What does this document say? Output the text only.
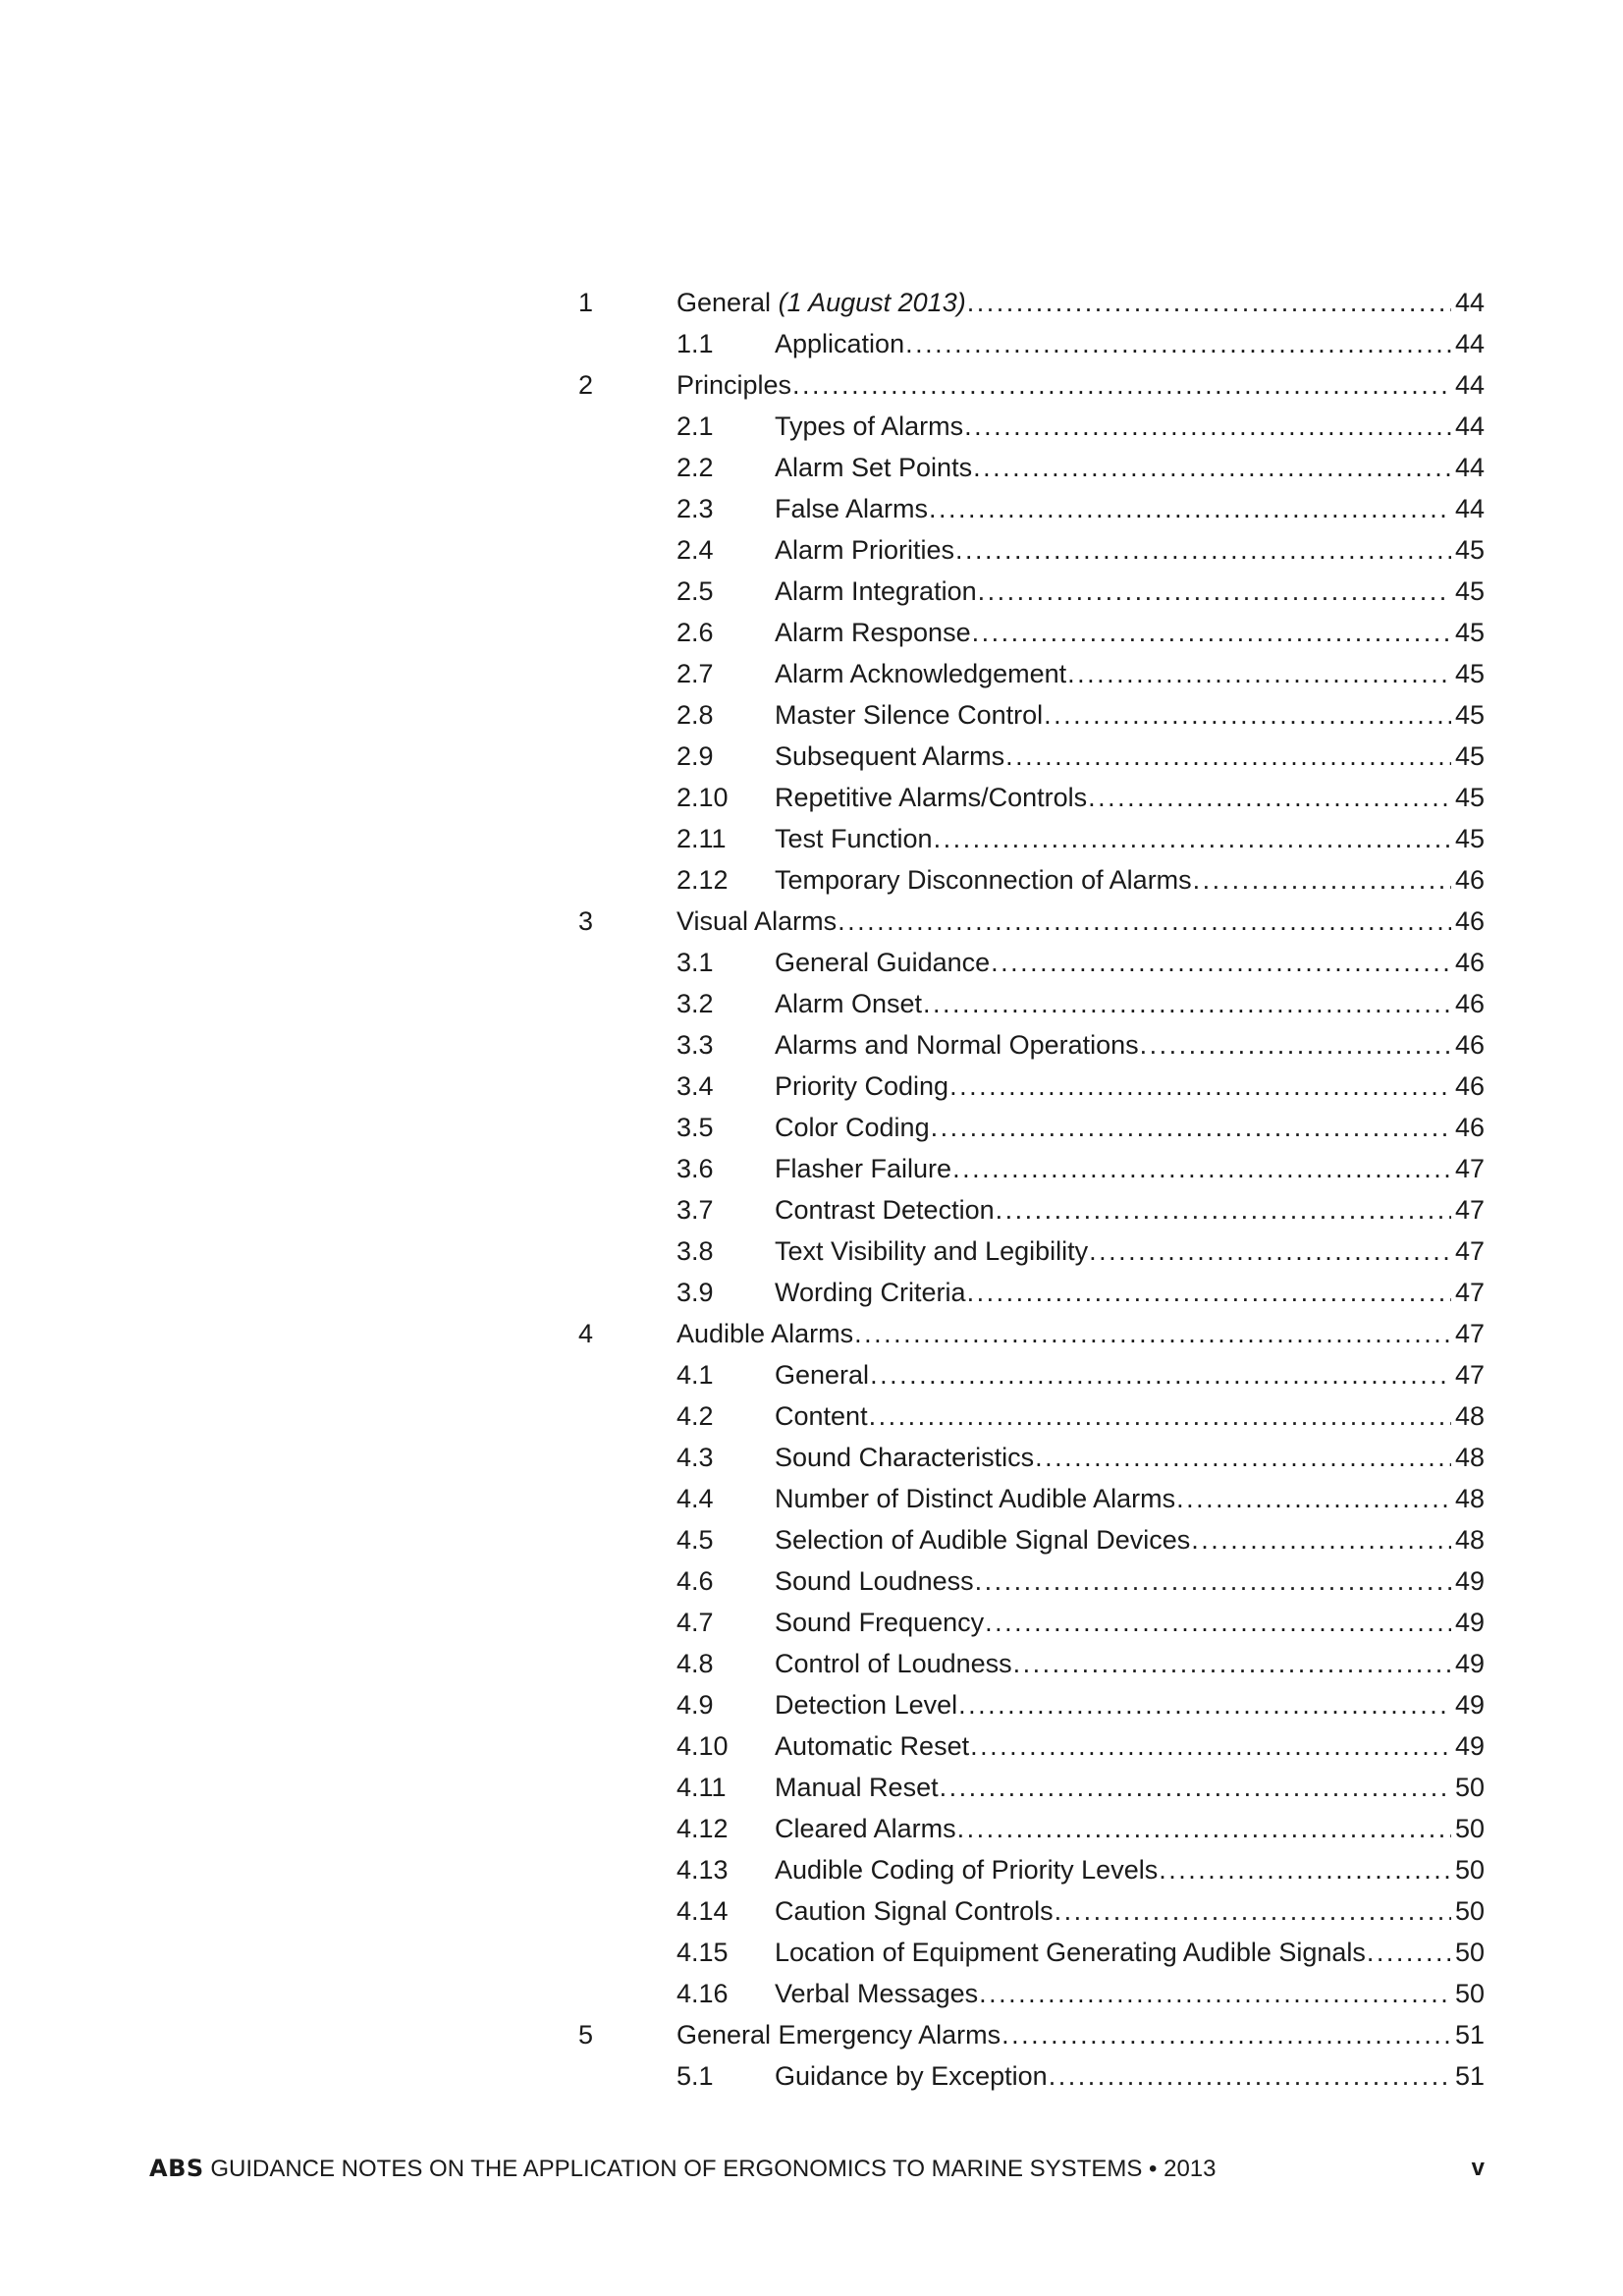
1	General (1 August 2013) . . .	44
1.1 Application . . .	44
2	Principles . . .	44
2.1 Types of Alarms . . .	44
2.2 Alarm Set Points . . .	44
2.3 False Alarms . . .	44
2.4 Alarm Priorities . . .	45
2.5 Alarm Integration . . .	45
2.6 Alarm Response . . .	45
2.7 Alarm Acknowledgement . . .	45
2.8 Master Silence Control . . .	45
2.9 Subsequent Alarms . . .	45
2.10 Repetitive Alarms/Controls . . .	45
2.11 Test Function . . .	45
2.12 Temporary Disconnection of Alarms . . .	46
3	Visual Alarms . . .	46
3.1 General Guidance . . .	46
3.2 Alarm Onset . . .	46
3.3 Alarms and Normal Operations . . .	46
3.4 Priority Coding . . .	46
3.5 Color Coding . . .	46
3.6 Flasher Failure . . .	47
3.7 Contrast Detection . . .	47
3.8 Text Visibility and Legibility . . .	47
3.9 Wording Criteria . . .	47
4	Audible Alarms . . .	47
4.1 General . . .	47
4.2 Content . . .	48
4.3 Sound Characteristics . . .	48
4.4 Number of Distinct Audible Alarms . . .	48
4.5 Selection of Audible Signal Devices . . .	48
4.6 Sound Loudness . . .	49
4.7 Sound Frequency . . .	49
4.8 Control of Loudness . . .	49
4.9 Detection Level . . .	49
4.10 Automatic Reset . . .	49
4.11 Manual Reset . . .	50
4.12 Cleared Alarms . . .	50
4.13 Audible Coding of Priority Levels . . .	50
4.14 Caution Signal Controls . . .	50
4.15 Location of Equipment Generating Audible Signals . . .	50
4.16 Verbal Messages . . .	50
5	General Emergency Alarms . . .	51
5.1 Guidance by Exception . . .	51
ABS GUIDANCE NOTES ON THE APPLICATION OF ERGONOMICS TO MARINE SYSTEMS • 2013	v
